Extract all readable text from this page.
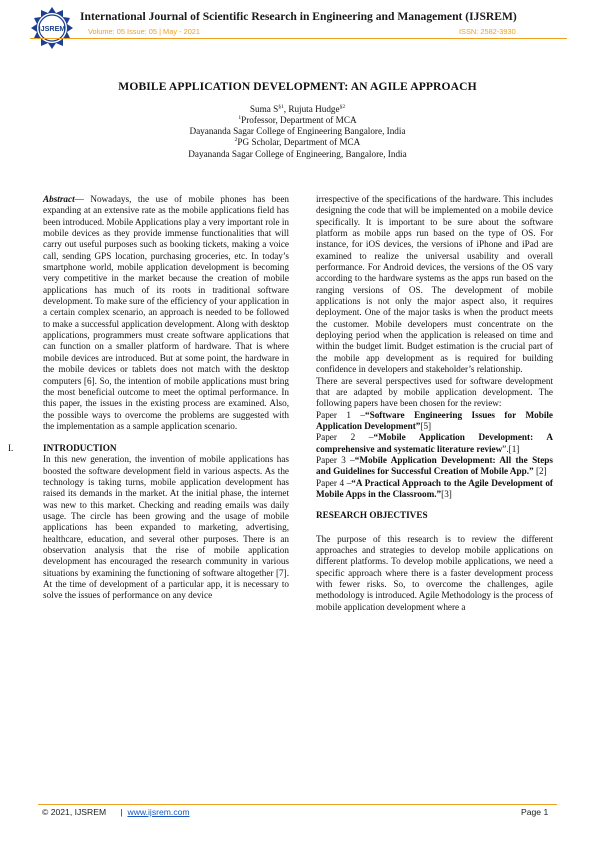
IJSREM
International Journal of Scientific Research in Engineering and Management (IJSREM)
Volume: 05 Issue: 05 | May - 2021	ISSN: 2582-3930
MOBILE APPLICATION DEVELOPMENT: AN AGILE APPROACH
Suma $S^{\S 1}$, Rujuta Hudge$^{\S 2}$
$^1$Professor, Department of MCA
Dayananda Sagar College of Engineering Bangalore, India
$^2$PG Scholar, Department of MCA
Dayananda Sagar College of Engineering, Bangalore, India

Abstract— Nowadays, the use of mobile phones has been expanding at an extensive rate as the mobile applications field has been introduced. Mobile Applications play a very important role in mobile devices as they provide immense functionalities that will carry out useful purposes such as booking tickets, making a voice call, sending GPS location, purchasing groceries, etc. In today’s smartphone world, mobile application development is becoming very competitive in the market because the creation of mobile applications has much of its roots in traditional software development. To make sure of the efficiency of your application in a certain complex scenario, an approach is needed to be followed to make a successful application development. Along with desktop applications, programmers must create software applications that can function on a smaller platform of hardware. That is where mobile devices are introduced. But at some point, the hardware in the mobile devices or tablets does not match with the desktop computers [6]. So, the intention of mobile applications must bring the most beneficial outcome to meet the optimal performance. In this paper, the issues in the existing process are examined. Also, the possible ways to overcome the problems are suggested with the implementation as a sample application scenario.

I.	INTRODUCTION

In this new generation, the invention of mobile applications has boosted the software development field in various aspects. As the technology is taking turns, mobile application development has raised its demands in the market. At the initial phase, the internet was new to this market. Checking and reading emails was daily usage. The circle has been growing and the usage of mobile applications has been expanded to marketing, advertising, healthcare, education, and several other purposes. There is an observation analysis that the rise of mobile application development has encouraged the research community in various situations by examining the functioning of software altogether [7]. At the time of development of a particular app, it is necessary to solve the issues of performance on any device

irrespective of the specifications of the hardware. This includes designing the code that will be implemented on a mobile device specifically. It is important to be sure about the software platform as mobile apps run based on the type of OS. For instance, for iOS devices, the versions of iPhone and iPad are examined to realize the universal usability and overall performance. For Android devices, the versions of the OS vary according to the hardware systems as the apps run based on the ranging versions of OS. The development of mobile applications is not only the major aspect also, it requires deployment. One of the major tasks is when the product meets the customer. Mobile developers must concentrate on the deploying period when the application is released on time and within the budget limit. Budget estimation is the crucial part of the mobile app development as is required for building confidence in developers and stakeholder’s relationship.

There are several perspectives used for software development that are adapted by mobile application development. The following papers have been chosen for the review:

Paper 1 –“Software Engineering Issues for Mobile Application Development”[5]

Paper 2 –“Mobile Application Development: A comprehensive and systematic literature review”.[1]

Paper 3 –“Mobile Application Development: All the Steps and Guidelines for Successful Creation of Mobile App.” [2]

Paper 4 –“A Practical Approach to the Agile Development of Mobile Apps in the Classroom.”[3]

RESEARCH OBJECTIVES

The purpose of this research is to review the different approaches and strategies to develop mobile applications on different platforms. To develop mobile applications, we need a specific approach where there is a faster development process with fewer risks. So, to overcome the challenges, agile methodology is introduced. Agile Methodology is the process of mobile application development where a

© 2021, IJSREM | www.ijsrem.com	Page 1
